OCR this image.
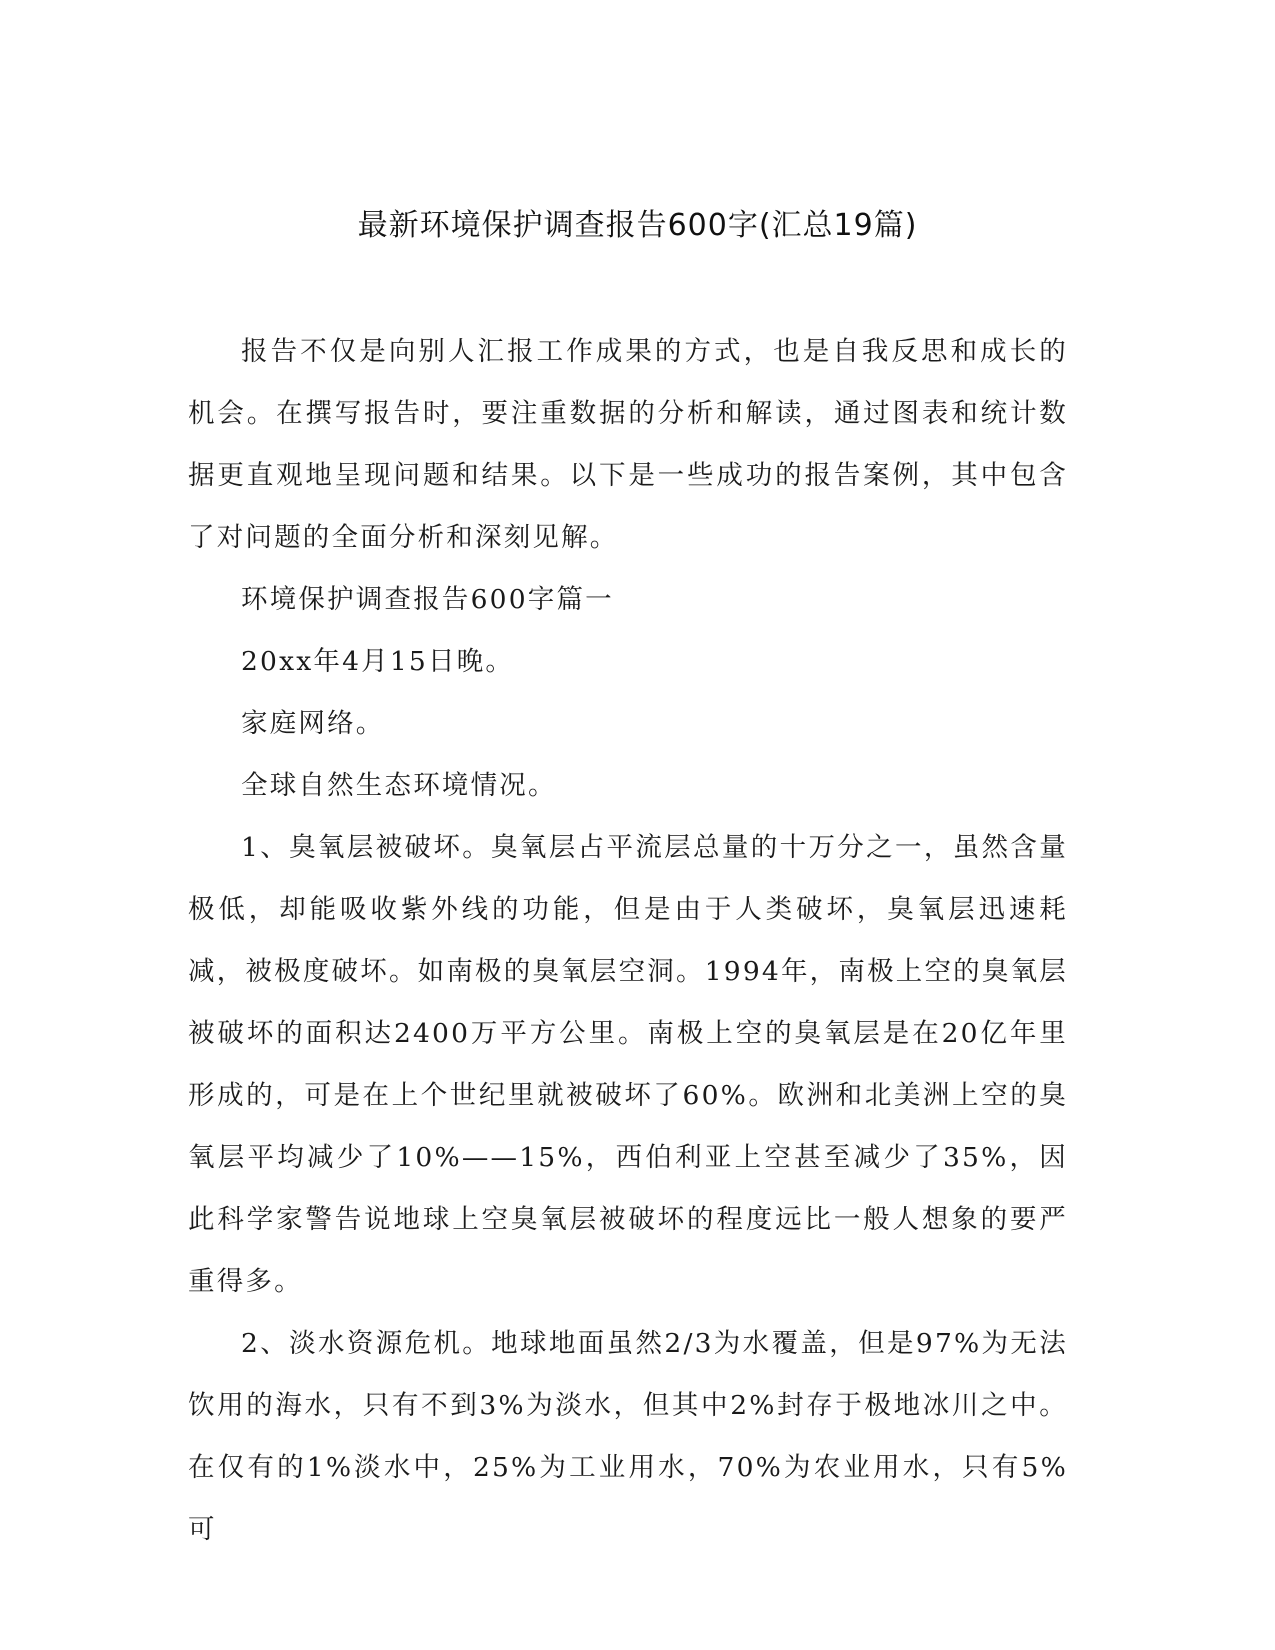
最新环境保护调查报告600字(汇总19篇)

报告不仅是向别人汇报工作成果的方式，也是自我反思和成长的机会。在撰写报告时，要注重数据的分析和解读，通过图表和统计数据更直观地呈现问题和结果。以下是一些成功的报告案例，其中包含了对问题的全面分析和深刻见解。

环境保护调查报告600字篇一

20xx年4月15日晚。

家庭网络。

全球自然生态环境情况。

1、臭氧层被破坏。臭氧层占平流层总量的十万分之一，虽然含量极低，却能吸收紫外线的功能，但是由于人类破坏，臭氧层迅速耗减，被极度破坏。如南极的臭氧层空洞。1994年，南极上空的臭氧层被破坏的面积达2400万平方公里。南极上空的臭氧层是在20亿年里形成的，可是在上个世纪里就被破坏了60%。欧洲和北美洲上空的臭氧层平均减少了10%——15%，西伯利亚上空甚至减少了35%，因此科学家警告说地球上空臭氧层被破坏的程度远比一般人想象的要严重得多。

2、淡水资源危机。地球地面虽然2/3为水覆盖，但是97%为无法饮用的海水，只有不到3%为淡水，但其中2%封存于极地冰川之中。在仅有的1%淡水中，25%为工业用水，70%为农业用水，只有5%可
